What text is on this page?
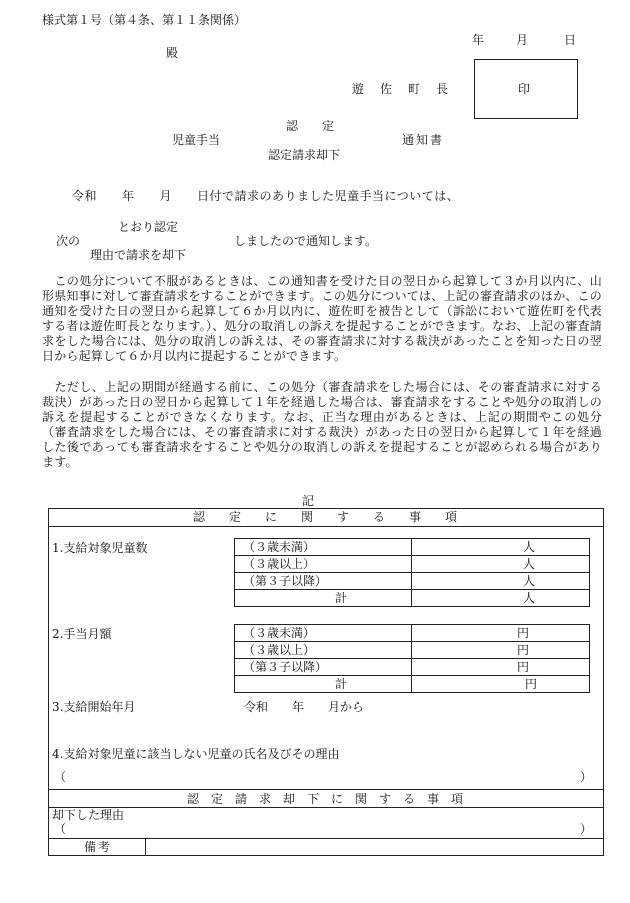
様式第１号（第４条、第１１条関係）
年	月	日
殿
遊　佐　町　長	印
認　　定
児童手当	通知書
認定請求却下
令和　　年　　月　　日付で請求のありました児童手当については、
とおり認定
次の	しましたので通知します。
理由で請求を却下
　この処分について不服があるときは、この通知書を受けた日の翌日から起算して３か月以内に、山形県知事に対して審査請求をすることができます。この処分については、上記の審査請求のほか、この通知を受けた日の翌日から起算して６か月以内に、遊佐町を被告として（訴訟において遊佐町を代表する者は遊佐町長となります。）、処分の取消しの訴えを提起することができます。なお、上記の審査請求をした場合には、処分の取消しの訴えは、その審査請求に対する裁決があったことを知った日の翌日から起算して６か月以内に提起することができます。
　ただし、上記の期間が経過する前に、この処分（審査請求をした場合には、その審査請求に対する裁決）があった日の翌日から起算して１年を経過した場合は、審査請求をすることや処分の取消しの訴えを提起することができなくなります。なお、正当な理由があるときは、上記の期間やこの処分（審査請求をした場合には、その審査請求に対する裁決）があった日の翌日から起算して１年を経過した後であっても審査請求をすることや処分の取消しの訴えを提起することが認められる場合があります。
記
認　　定　　に　　関　　す　　る　　事　　項
1.支給対象児童数	（３歳未満）	人
（３歳以上）	人
（第３子以降）	人
計	人
2.手当月額	（３歳未満）	円
（３歳以上）	円
（第３子以降）	円
計	円
3.支給開始年月	令和　　年　　月から
4.支給対象児童に該当しない児童の氏名及びその理由
（	）
認　定　請　求　却　下　に　関　す　る　事　項
却下した理由
（	）
備考
